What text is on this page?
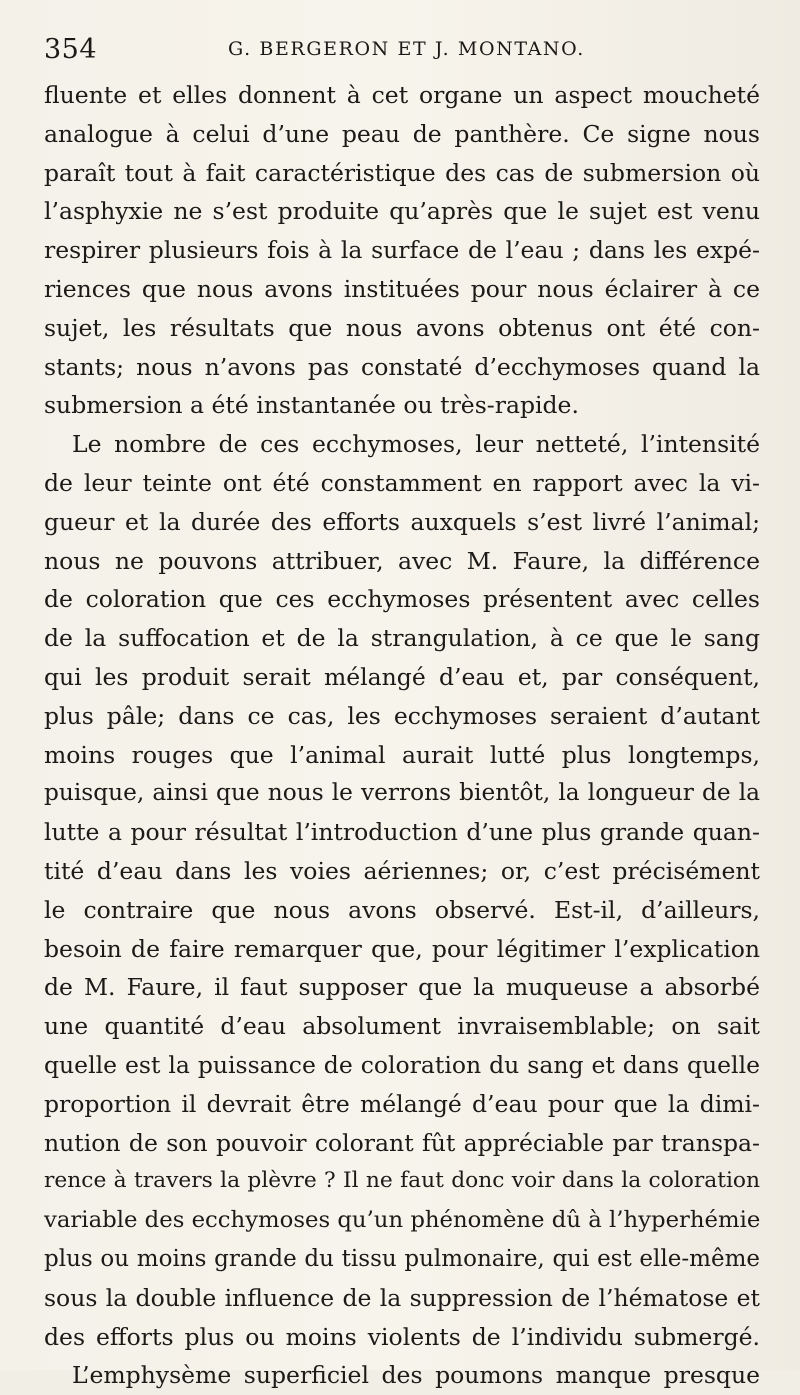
354	G. BERGERON ET J. MONTANO.
fluente et elles donnent à cet organe un aspect moucheté
analogue à celui d’une peau de panthère. Ce signe nous
paraît tout à fait caractéristique des cas de submersion où
l’asphyxie ne s’est produite qu’après que le sujet est venu
respirer plusieurs fois à la surface de l’eau ; dans les expé-
riences que nous avons instituées pour nous éclairer à ce
sujet, les résultats que nous avons obtenus ont été con-
stants; nous n’avons pas constaté d’ecchymoses quand la
submersion a été instantanée ou très-rapide.
Le nombre de ces ecchymoses, leur netteté, l’intensité
de leur teinte ont été constamment en rapport avec la vi-
gueur et la durée des efforts auxquels s’est livré l’animal;
nous ne pouvons attribuer, avec M. Faure, la différence
de coloration que ces ecchymoses présentent avec celles
de la suffocation et de la strangulation, à ce que le sang
qui les produit serait mélangé d’eau et, par conséquent,
plus pâle; dans ce cas, les ecchymoses seraient d’autant
moins rouges que l’animal aurait lutté plus longtemps,
puisque, ainsi que nous le verrons bientôt, la longueur de la
lutte a pour résultat l’introduction d’une plus grande quan-
tité d’eau dans les voies aériennes; or, c’est précisément
le contraire que nous avons observé. Est-il, d’ailleurs,
besoin de faire remarquer que, pour légitimer l’explication
de M. Faure, il faut supposer que la muqueuse a absorbé
une quantité d’eau absolument invraisemblable; on sait
quelle est la puissance de coloration du sang et dans quelle
proportion il devrait être mélangé d’eau pour que la dimi-
nution de son pouvoir colorant fût appréciable par transpa-
rence à travers la plèvre ? Il ne faut donc voir dans la coloration
variable des ecchymoses qu’un phénomène dû à l’hyperhémie
plus ou moins grande du tissu pulmonaire, qui est elle-même
sous la double influence de la suppression de l’hématose et
des efforts plus ou moins violents de l’individu submergé.
L’emphysème superficiel des poumons manque presque
